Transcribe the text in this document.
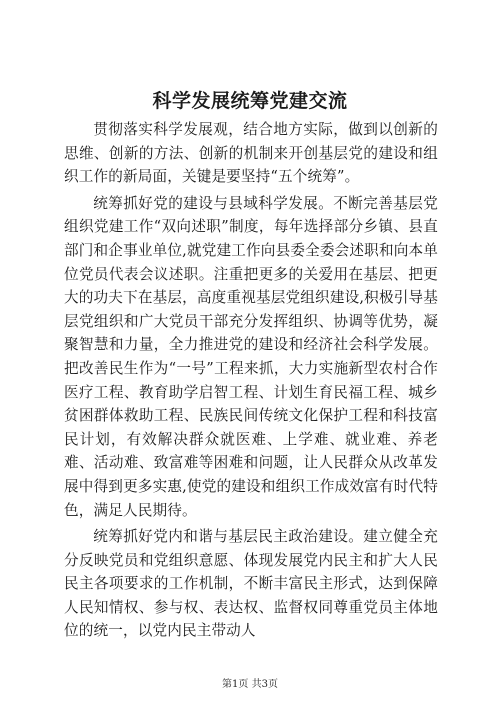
科学发展统筹党建交流

贯彻落实科学发展观，结合地方实际，做到以创新的思维、创新的方法、创新的机制来开创基层党的建设和组织工作的新局面，关键是要坚持“五个统筹”。

统筹抓好党的建设与县域科学发展。不断完善基层党组织党建工作“双向述职”制度，每年选择部分乡镇、县直部门和企事业单位,就党建工作向县委全委会述职和向本单位党员代表会议述职。注重把更多的关爱用在基层、把更大的功夫下在基层，高度重视基层党组织建设,积极引导基层党组织和广大党员干部充分发挥组织、协调等优势，凝聚智慧和力量，全力推进党的建设和经济社会科学发展。把改善民生作为“一号”工程来抓，大力实施新型农村合作医疗工程、教育助学启智工程、计划生育民福工程、城乡贫困群体救助工程、民族民间传统文化保护工程和科技富民计划，有效解决群众就医难、上学难、就业难、养老难、活动难、致富难等困难和问题，让人民群众从改革发展中得到更多实惠,使党的建设和组织工作成效富有时代特色，满足人民期待。

统筹抓好党内和谐与基层民主政治建设。建立健全充分反映党员和党组织意愿、体现发展党内民主和扩大人民民主各项要求的工作机制，不断丰富民主形式，达到保障人民知情权、参与权、表达权、监督权同尊重党员主体地位的统一，以党内民主带动人

第1页 共3页
